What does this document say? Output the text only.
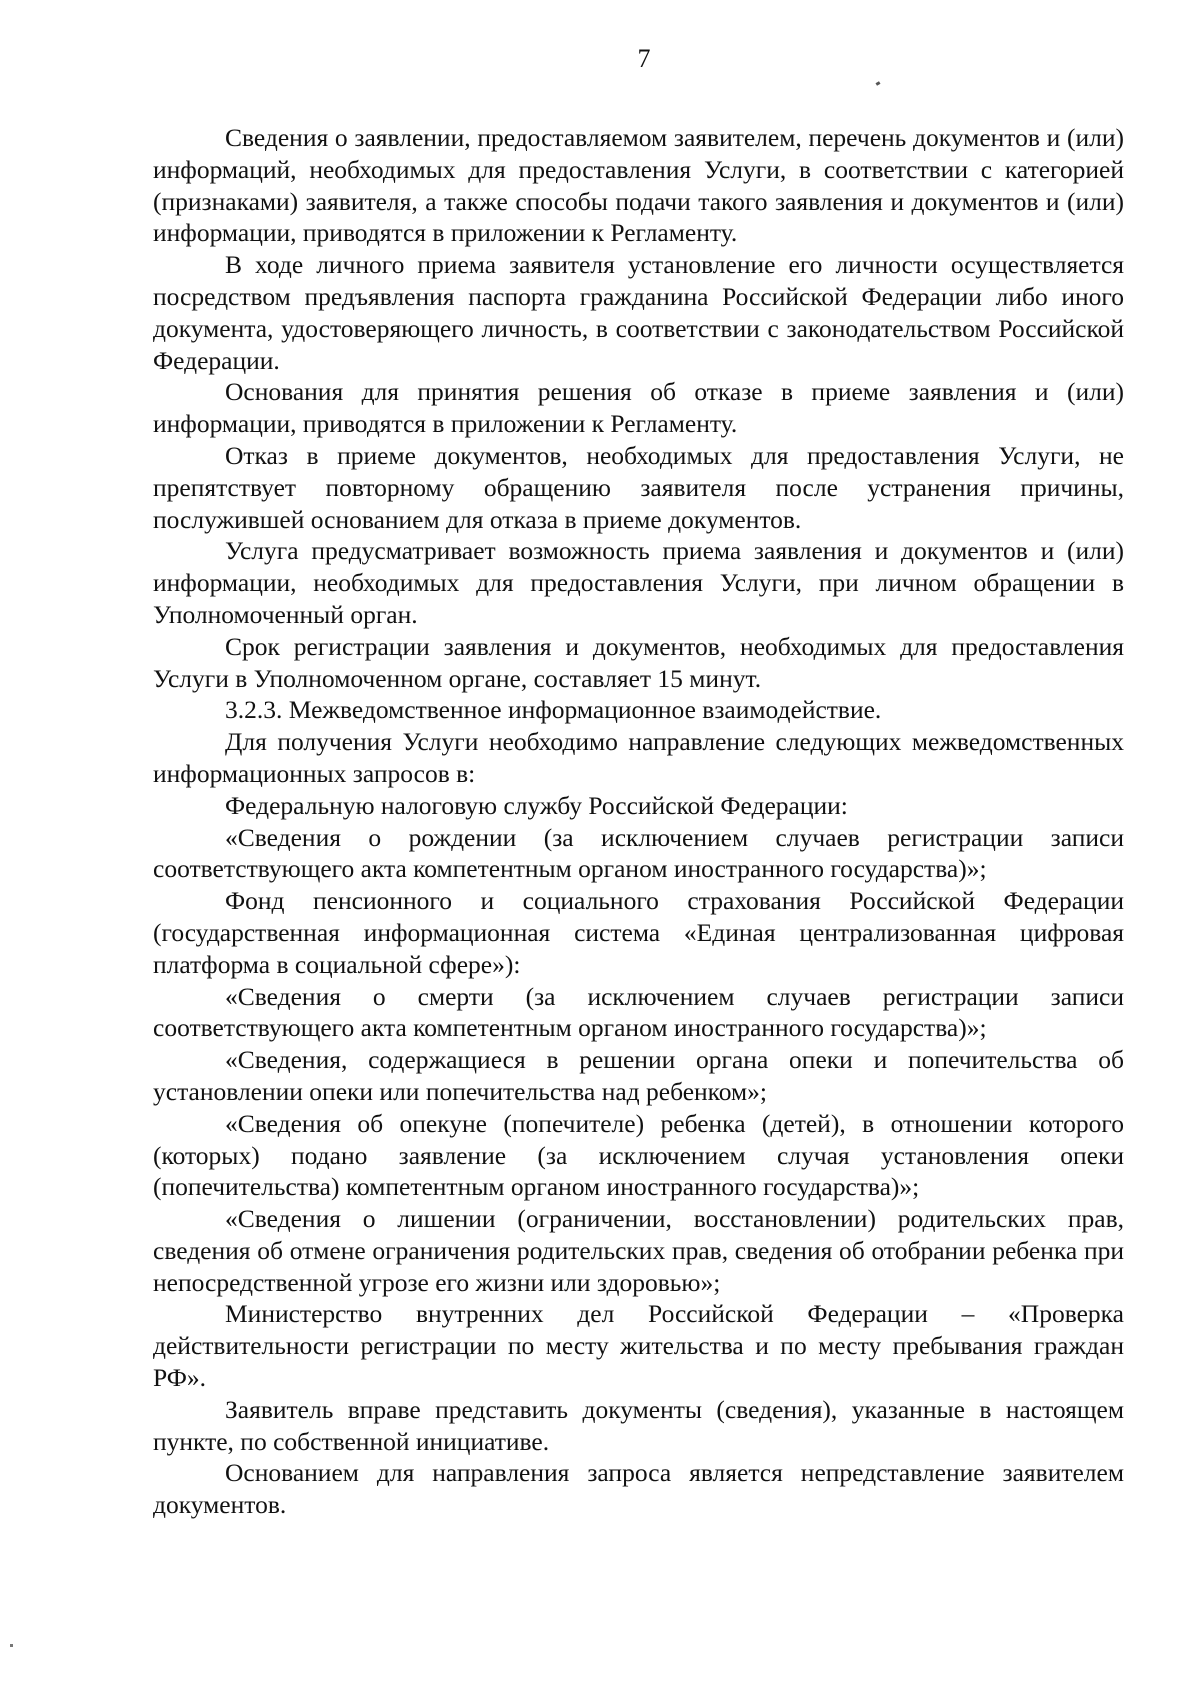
7

Сведения о заявлении, предоставляемом заявителем, перечень документов и (или) информаций, необходимых для предоставления Услуги, в соответствии с категорией (признаками) заявителя, а также способы подачи такого заявления и документов и (или) информации, приводятся в приложении к Регламенту.

В ходе личного приема заявителя установление его личности осуществляется посредством предъявления паспорта гражданина Российской Федерации либо иного документа, удостоверяющего личность, в соответствии с законодательством Российской Федерации.

Основания для принятия решения об отказе в приеме заявления и (или) информации, приводятся в приложении к Регламенту.

Отказ в приеме документов, необходимых для предоставления Услуги, не препятствует повторному обращению заявителя после устранения причины, послужившей основанием для отказа в приеме документов.

Услуга предусматривает возможность приема заявления и документов и (или) информации, необходимых для предоставления Услуги, при личном обращении в Уполномоченный орган.

Срок регистрации заявления и документов, необходимых для предоставления Услуги в Уполномоченном органе, составляет 15 минут.

3.2.3. Межведомственное информационное взаимодействие.

Для получения Услуги необходимо направление следующих межведомственных информационных запросов в:

Федеральную налоговую службу Российской Федерации:

«Сведения о рождении (за исключением случаев регистрации записи соответствующего акта компетентным органом иностранного государства)»;

Фонд пенсионного и социального страхования Российской Федерации (государственная информационная система «Единая централизованная цифровая платформа в социальной сфере»):

«Сведения о смерти (за исключением случаев регистрации записи соответствующего акта компетентным органом иностранного государства)»;

«Сведения, содержащиеся в решении органа опеки и попечительства об установлении опеки или попечительства над ребенком»;

«Сведения об опекуне (попечителе) ребенка (детей), в отношении которого (которых) подано заявление (за исключением случая установления опеки (попечительства) компетентным органом иностранного государства)»;

«Сведения о лишении (ограничении, восстановлении) родительских прав, сведения об отмене ограничения родительских прав, сведения об отобрании ребенка при непосредственной угрозе его жизни или здоровью»;

Министерство внутренних дел Российской Федерации – «Проверка действительности регистрации по месту жительства и по месту пребывания граждан РФ».

Заявитель вправе представить документы (сведения), указанные в настоящем пункте, по собственной инициативе.

Основанием для направления запроса является непредставление заявителем документов.
